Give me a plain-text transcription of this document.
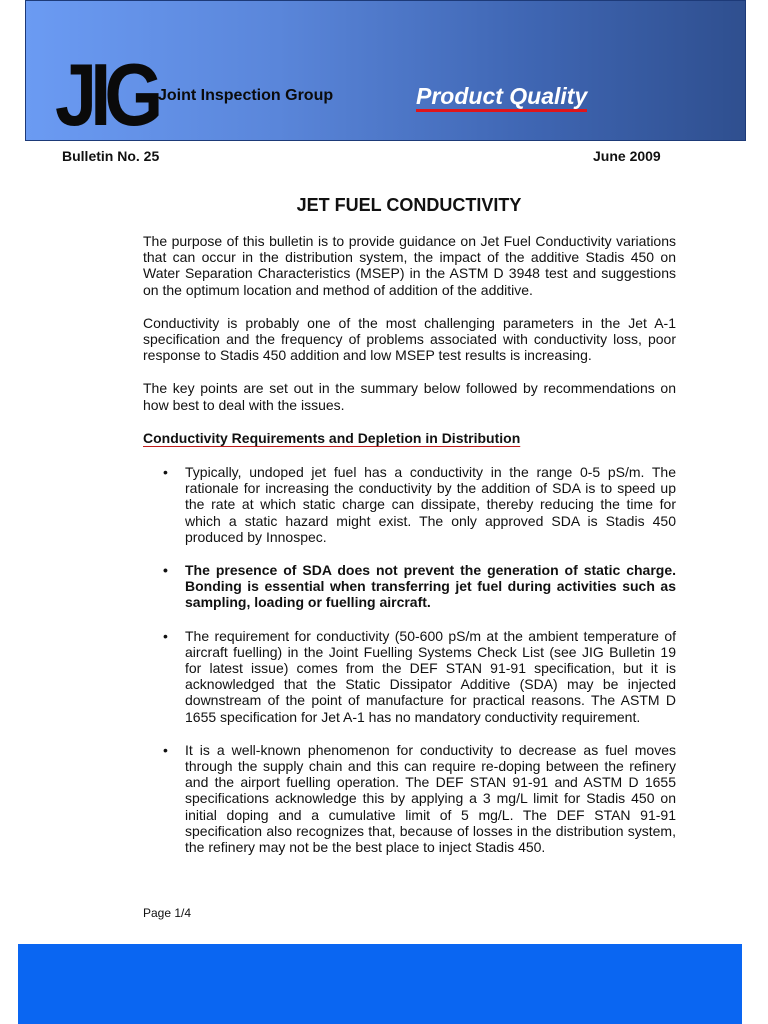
JIG Joint Inspection Group	Product Quality
Bulletin No. 25	June 2009
JET FUEL CONDUCTIVITY

The purpose of this bulletin is to provide guidance on Jet Fuel Conductivity variations that can occur in the distribution system, the impact of the additive Stadis 450 on Water Separation Characteristics (MSEP) in the ASTM D 3948 test and suggestions on the optimum location and method of addition of the additive.

Conductivity is probably one of the most challenging parameters in the Jet A-1 specification and the frequency of problems associated with conductivity loss, poor response to Stadis 450 addition and low MSEP test results is increasing.

The key points are set out in the summary below followed by recommendations on how best to deal with the issues.

Conductivity Requirements and Depletion in Distribution
• Typically, undoped jet fuel has a conductivity in the range 0-5 pS/m. The rationale for increasing the conductivity by the addition of SDA is to speed up the rate at which static charge can dissipate, thereby reducing the time for which a static hazard might exist. The only approved SDA is Stadis 450 produced by Innospec.
• The presence of SDA does not prevent the generation of static charge. Bonding is essential when transferring jet fuel during activities such as sampling, loading or fuelling aircraft.
• The requirement for conductivity (50-600 pS/m at the ambient temperature of aircraft fuelling) in the Joint Fuelling Systems Check List (see JIG Bulletin 19 for latest issue) comes from the DEF STAN 91-91 specification, but it is acknowledged that the Static Dissipator Additive (SDA) may be injected downstream of the point of manufacture for practical reasons. The ASTM D 1655 specification for Jet A-1 has no mandatory conductivity requirement.
• It is a well-known phenomenon for conductivity to decrease as fuel moves through the supply chain and this can require re-doping between the refinery and the airport fuelling operation. The DEF STAN 91-91 and ASTM D 1655 specifications acknowledge this by applying a 3 mg/L limit for Stadis 450 on initial doping and a cumulative limit of 5 mg/L. The DEF STAN 91-91 specification also recognizes that, because of losses in the distribution system, the refinery may not be the best place to inject Stadis 450.
Page 1/4
